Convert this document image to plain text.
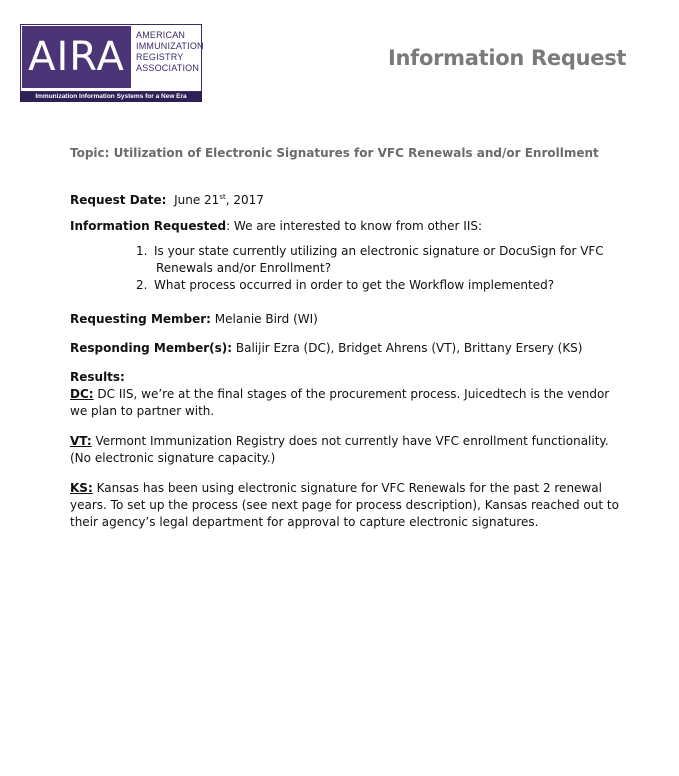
AIRA	AMERICAN
IMMUNIZATION
REGISTRY
ASSOCIATION
Immunization Information Systems for a New Era
Information Request
Topic: Utilization of Electronic Signatures for VFC Renewals and/or Enrollment

Request Date: June 21st, 2017

Information Requested: We are interested to know from other IIS:

1. Is your state currently utilizing an electronic signature or DocuSign for VFC
Renewals and/or Enrollment?
2. What process occurred in order to get the Workflow implemented?

Requesting Member: Melanie Bird (WI)

Responding Member(s): Balijir Ezra (DC), Bridget Ahrens (VT), Brittany Ersery (KS)

Results:

DC: DC IIS, we’re at the final stages of the procurement process. Juicedtech is the vendor
we plan to partner with.
VT: Vermont Immunization Registry does not currently have VFC enrollment functionality.
(No electronic signature capacity.)
KS: Kansas has been using electronic signature for VFC Renewals for the past 2 renewal
years. To set up the process (see next page for process description), Kansas reached out to
their agency’s legal department for approval to capture electronic signatures.
